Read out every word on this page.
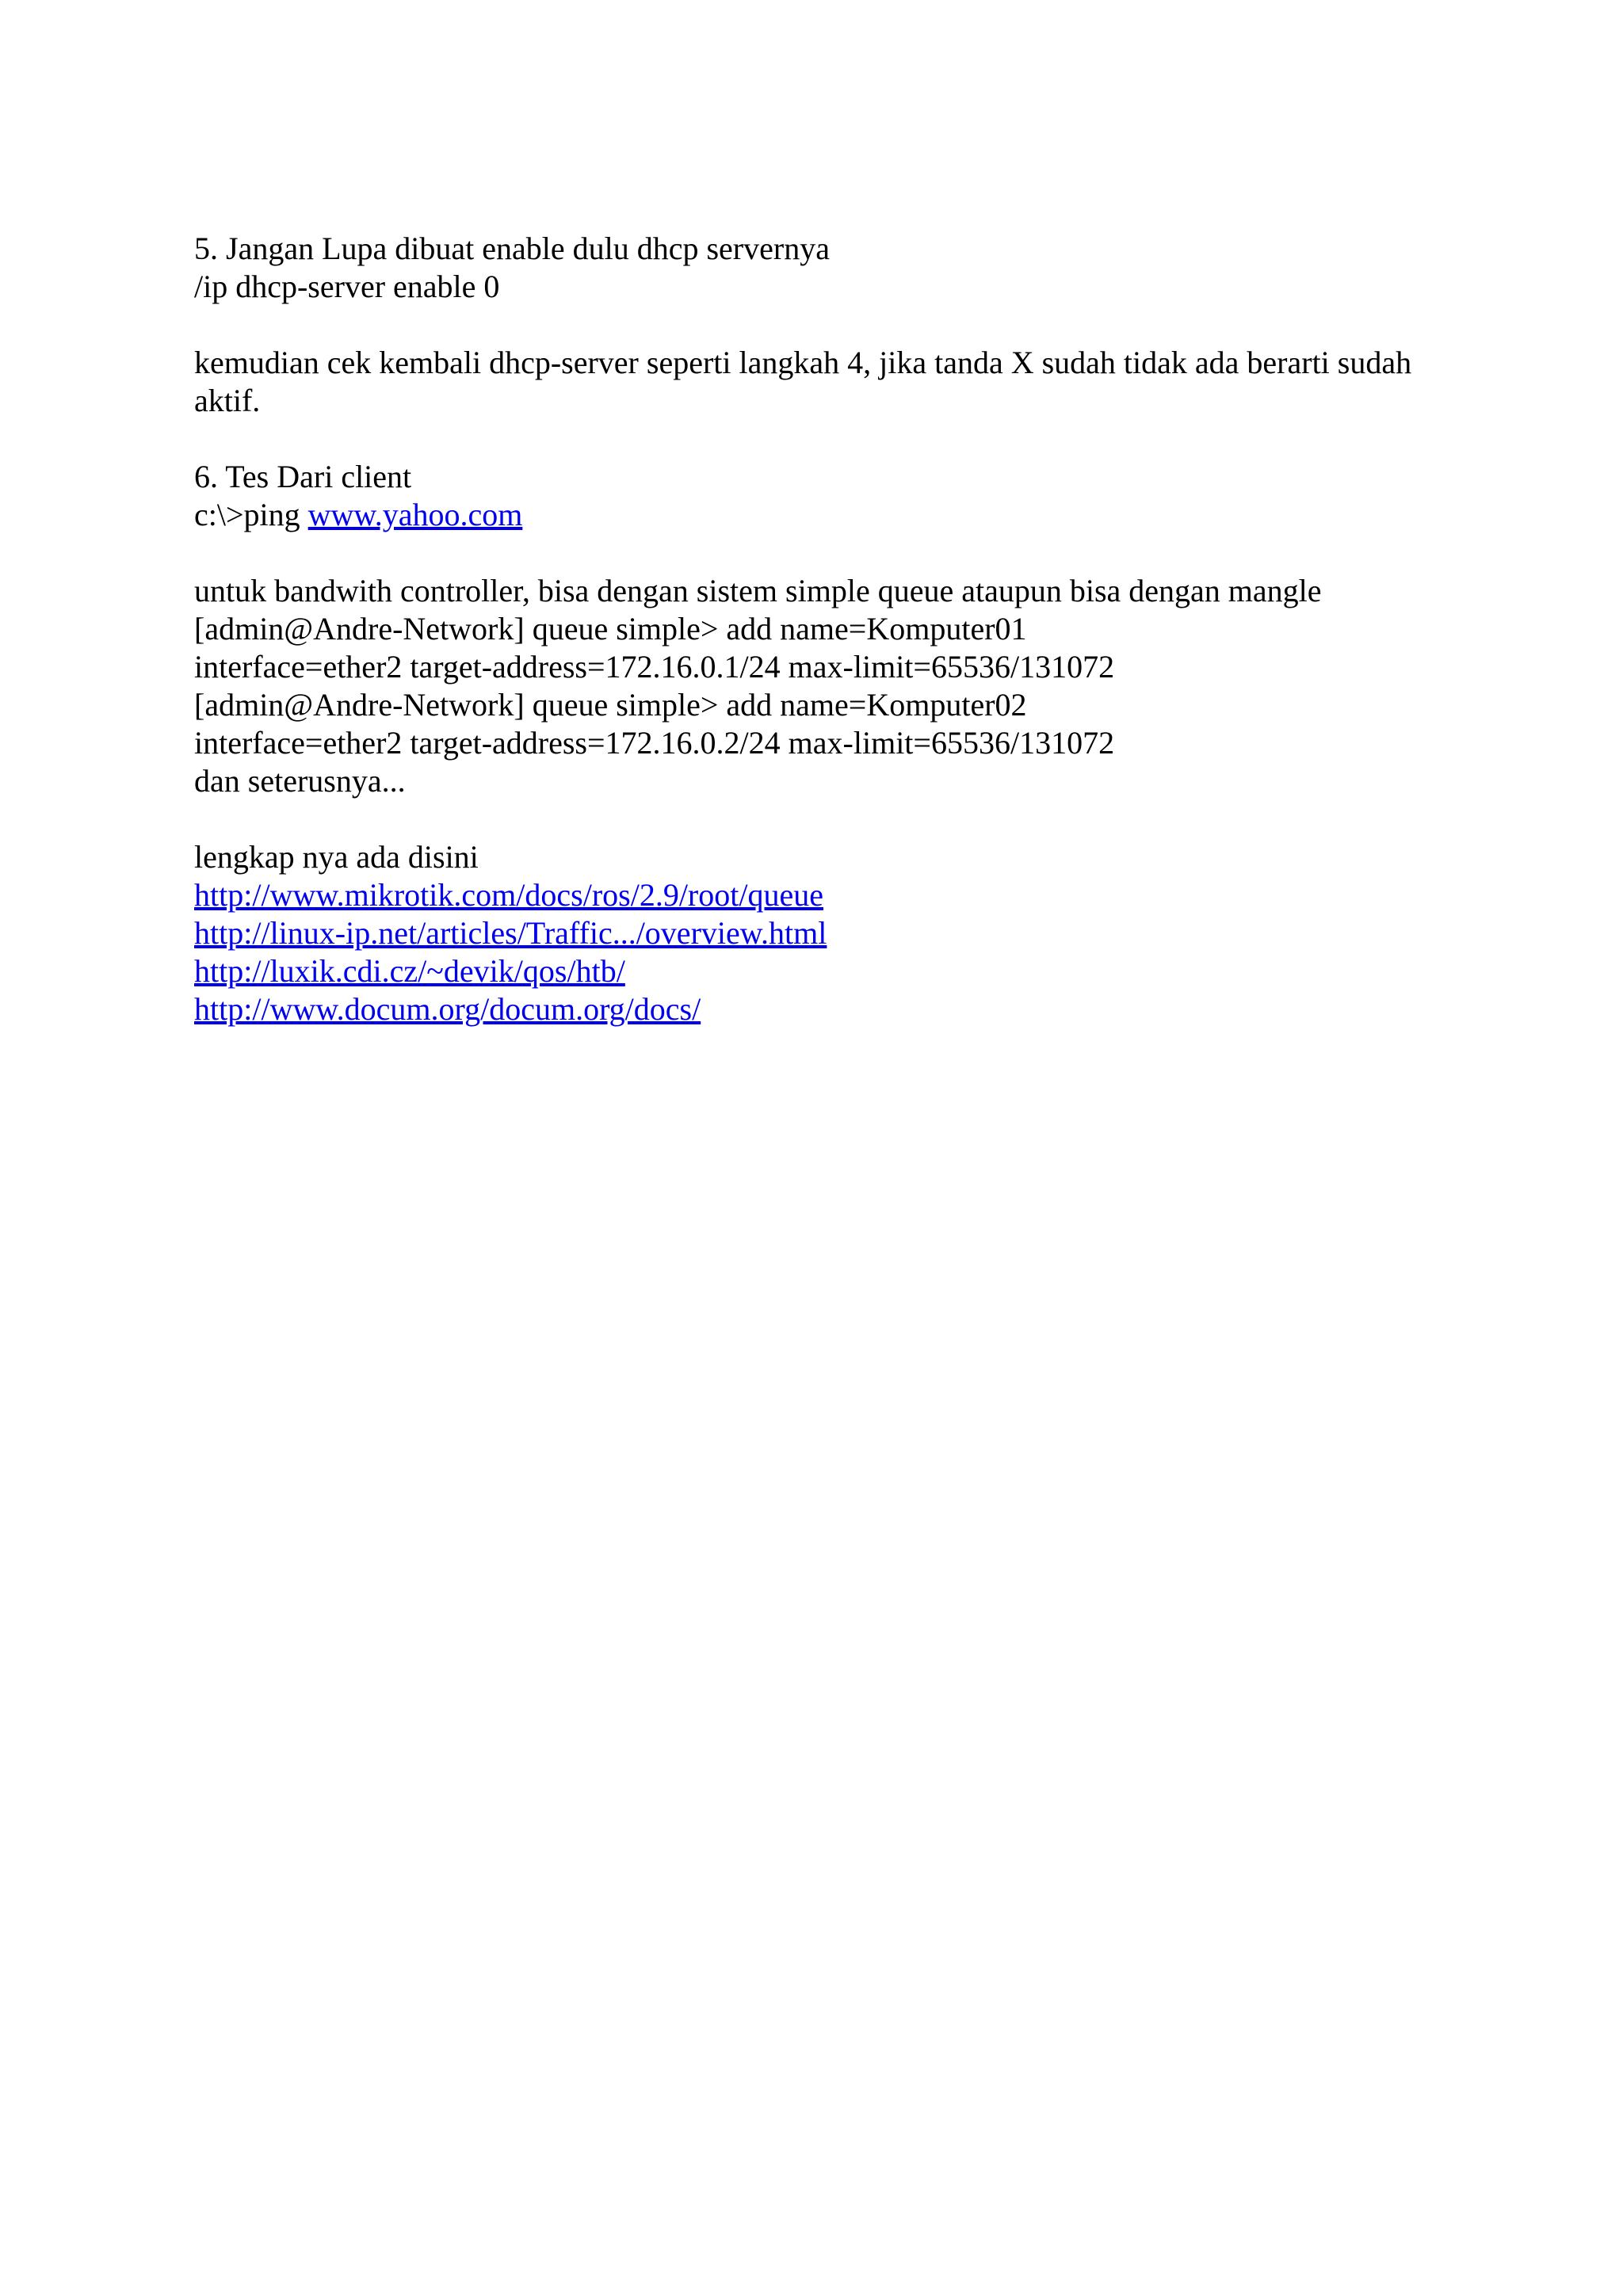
5. Jangan Lupa dibuat enable dulu dhcp servernya
/ip dhcp-server enable 0
kemudian cek kembali dhcp-server seperti langkah 4, jika tanda X sudah tidak ada berarti sudah aktif.
6. Tes Dari client
c:\>ping www.yahoo.com
untuk bandwith controller, bisa dengan sistem simple queue ataupun bisa dengan mangle
[admin@Andre-Network] queue simple> add name=Komputer01
interface=ether2 target-address=172.16.0.1/24 max-limit=65536/131072
[admin@Andre-Network] queue simple> add name=Komputer02
interface=ether2 target-address=172.16.0.2/24 max-limit=65536/131072
dan seterusnya...
lengkap nya ada disini
http://www.mikrotik.com/docs/ros/2.9/root/queue
http://linux-ip.net/articles/Traffic.../overview.html
http://luxik.cdi.cz/~devik/qos/htb/
http://www.docum.org/docum.org/docs/
